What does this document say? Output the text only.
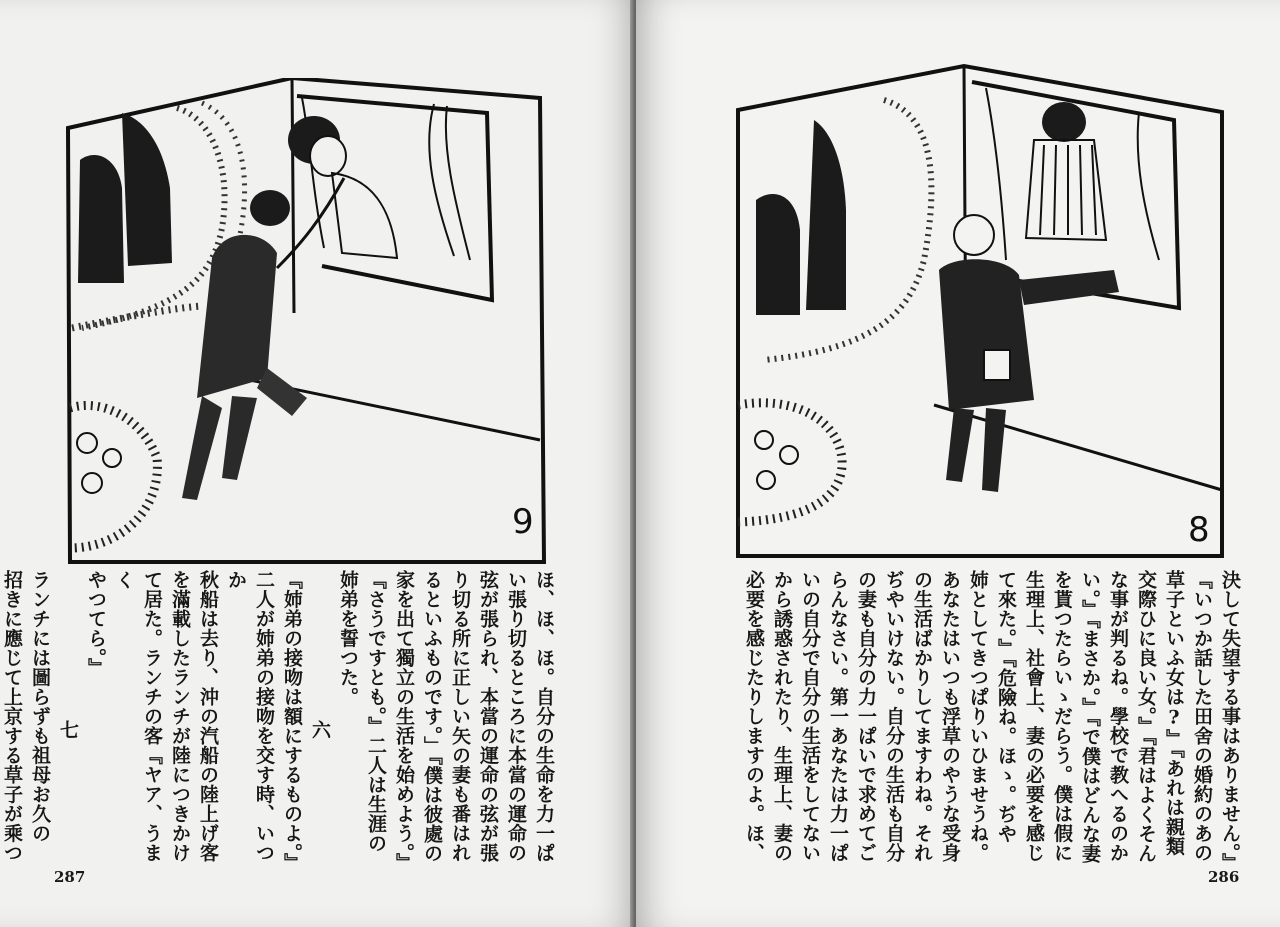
9

ほ、ほ、ほ。自分の生命を力一ぱ

い張り切るところに本當の運命の

弦が張られ、本當の運命の弦が張

り切る所に正しい矢の妻も番はれ

るといふものです。」『僕は彼處の

家を出て獨立の生活を始めよう。』

『さうですとも。』二人は生涯の

姉弟を誓つた。

六

『姉弟の接吻は額にするものよ。』

二人が姉弟の接吻を交す時、いつか

秋船は去り、沖の汽船の陸上げ客

を滿載したランチが陸につきかけ

て居た。ランチの客『ヤア、うまく

やつてら。』

七

ランチには圖らずも祖母お久の

招きに應じて上京する草子が乘つ

287
8

決して失望する事はありません。』

『いつか話した田舍の婚約のあの

草子といふ女は?』『あれは親類

交際ひに良い女。』『君はよくそん

な事が判るね。學校で教へるのか

い。』『まさか。』『で僕はどんな妻

を貰つたらいゝだらう。僕は假に

生理上、社會上、妻の必要を感じ

て來た。』『危險ね。ほゝ。ぢや

姉としてきつぱりいひませうね。

あなたはいつも浮草のやうな受身

の生活ばかりしてますわね。それ

ぢやいけない。自分の生活も自分

の妻も自分の力一ぱいで求めてご

らんなさい。第一あなたは力一ぱ

いの自分で自分の生活をしてない

から誘惑されたり、生理上、妻の

必要を感じたりしますのよ。ほ、

286
